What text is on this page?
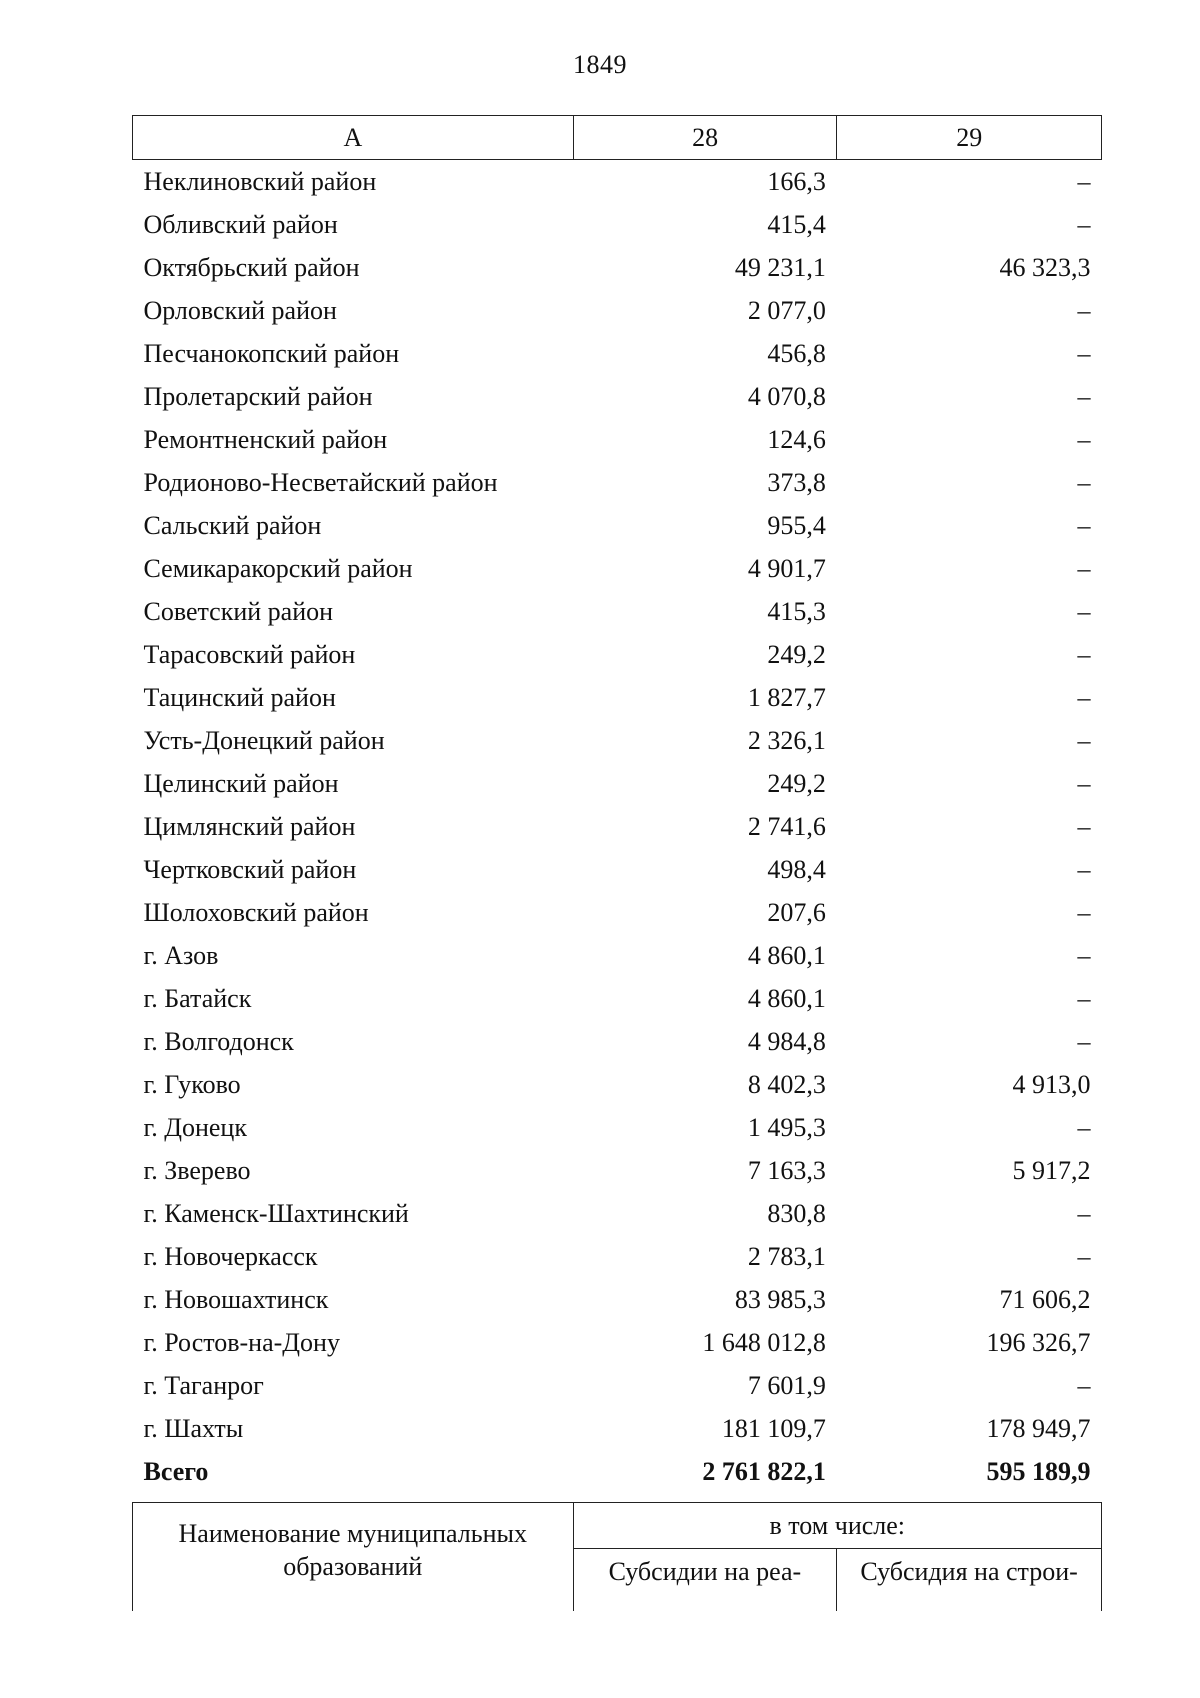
1849
А	28	29
Неклиновский район	166,3	–
Обливский район	415,4	–
Октябрьский район	49 231,1	46 323,3
Орловский район	2 077,0	–
Песчанокопский район	456,8	–
Пролетарский район	4 070,8	–
Ремонтненский район	124,6	–
Родионово-Несветайский район	373,8	–
Сальский район	955,4	–
Семикаракорский район	4 901,7	–
Советский район	415,3	–
Тарасовский район	249,2	–
Тацинский район	1 827,7	–
Усть-Донецкий район	2 326,1	–
Целинский район	249,2	–
Цимлянский район	2 741,6	–
Чертковский район	498,4	–
Шолоховский район	207,6	–
г. Азов	4 860,1	–
г. Батайск	4 860,1	–
г. Волгодонск	4 984,8	–
г. Гуково	8 402,3	4 913,0
г. Донецк	1 495,3	–
г. Зверево	7 163,3	5 917,2
г. Каменск-Шахтинский	830,8	–
г. Новочеркасск	2 783,1	–
г. Новошахтинск	83 985,3	71 606,2
г. Ростов-на-Дону	1 648 012,8	196 326,7
г. Таганрог	7 601,9	–
г. Шахты	181 109,7	178 949,7
Всего	2 761 822,1	595 189,9
Наименование муниципальных образований	в том числе:	
	Субсидии на реа-	Субсидия на строи-
